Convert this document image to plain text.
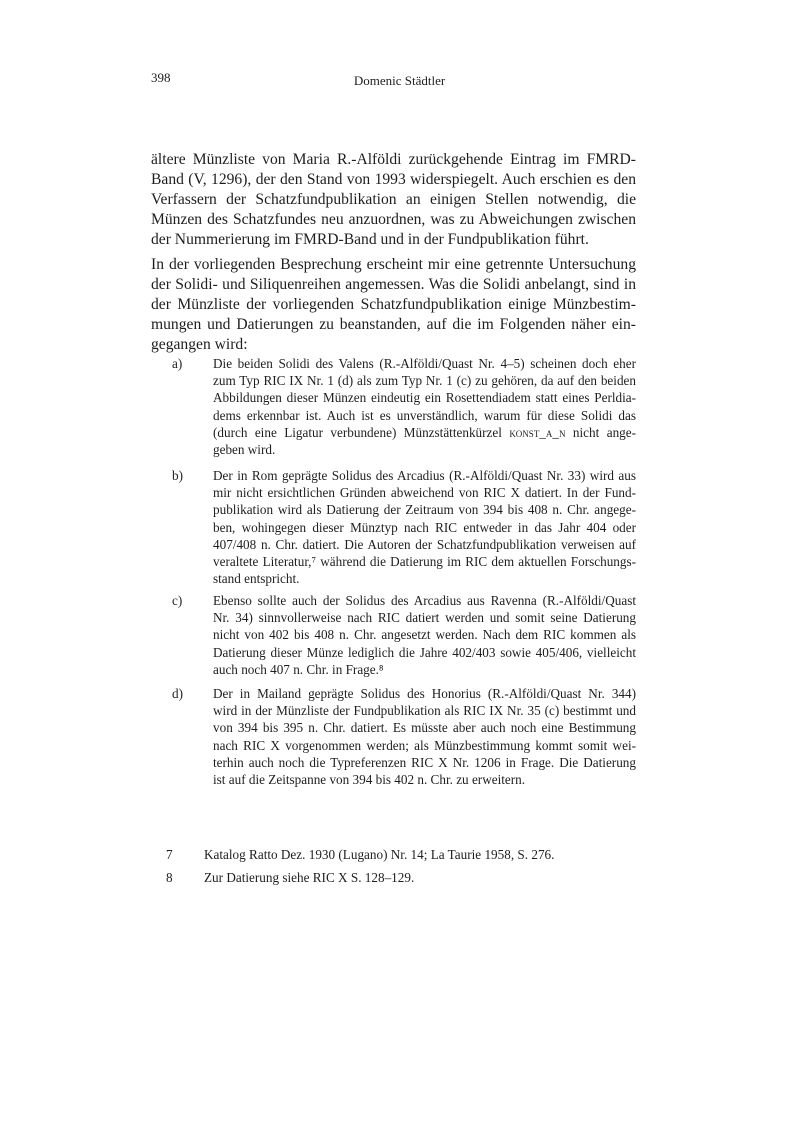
398	Domenic Städtler
ältere Münzliste von Maria R.-Alföldi zurückgehende Eintrag im FMRD-
Band (V, 1296), der den Stand von 1993 widerspiegelt. Auch erschien es den
Verfassern der Schatzfundpublikation an einigen Stellen notwendig, die
Münzen des Schatzfundes neu anzuordnen, was zu Abweichungen zwischen
der Nummerierung im FMRD-Band und in der Fundpublikation führt.
In der vorliegenden Besprechung erscheint mir eine getrennte Untersuchung
der Solidi- und Siliquenreihen angemessen. Was die Solidi anbelangt, sind in
der Münzliste der vorliegenden Schatzfundpublikation einige Münzbestim-
mungen und Datierungen zu beanstanden, auf die im Folgenden näher ein-
gegangen wird:
a) Die beiden Solidi des Valens (R.-Alföldi/Quast Nr. 4–5) scheinen doch eher
zum Typ RIC IX Nr. 1 (d) als zum Typ Nr. 1 (c) zu gehören, da auf den beiden
Abbildungen dieser Münzen eindeutig ein Rosettendiadem statt eines Perldia-
dems erkennbar ist. Auch ist es unverständlich, warum für diese Solidi das
(durch eine Ligatur verbundene) Münzstättenkürzel konst_a_n nicht ange-
geben wird.
b) Der in Rom geprägte Solidus des Arcadius (R.-Alföldi/Quast Nr. 33) wird aus
mir nicht ersichtlichen Gründen abweichend von RIC X datiert. In der Fund-
publikation wird als Datierung der Zeitraum von 394 bis 408 n. Chr. angege-
ben, wohingegen dieser Münztyp nach RIC entweder in das Jahr 404 oder
407/408 n. Chr. datiert. Die Autoren der Schatzfundpublikation verweisen auf
veraltete Literatur,⁷ während die Datierung im RIC dem aktuellen Forschungs-
stand entspricht.
c) Ebenso sollte auch der Solidus des Arcadius aus Ravenna (R.-Alföldi/Quast
Nr. 34) sinnvollerweise nach RIC datiert werden und somit seine Datierung
nicht von 402 bis 408 n. Chr. angesetzt werden. Nach dem RIC kommen als
Datierung dieser Münze lediglich die Jahre 402/403 sowie 405/406, vielleicht
auch noch 407 n. Chr. in Frage.⁸
d) Der in Mailand geprägte Solidus des Honorius (R.-Alföldi/Quast Nr. 344)
wird in der Münzliste der Fundpublikation als RIC IX Nr. 35 (c) bestimmt und
von 394 bis 395 n. Chr. datiert. Es müsste aber auch noch eine Bestimmung
nach RIC X vorgenommen werden; als Münzbestimmung kommt somit wei-
terhin auch noch die Typreferenzen RIC X Nr. 1206 in Frage. Die Datierung
ist auf die Zeitspanne von 394 bis 402 n. Chr. zu erweitern.
7 Katalog Ratto Dez. 1930 (Lugano) Nr. 14; La Taurie 1958, S. 276.
8 Zur Datierung siehe RIC X S. 128–129.
